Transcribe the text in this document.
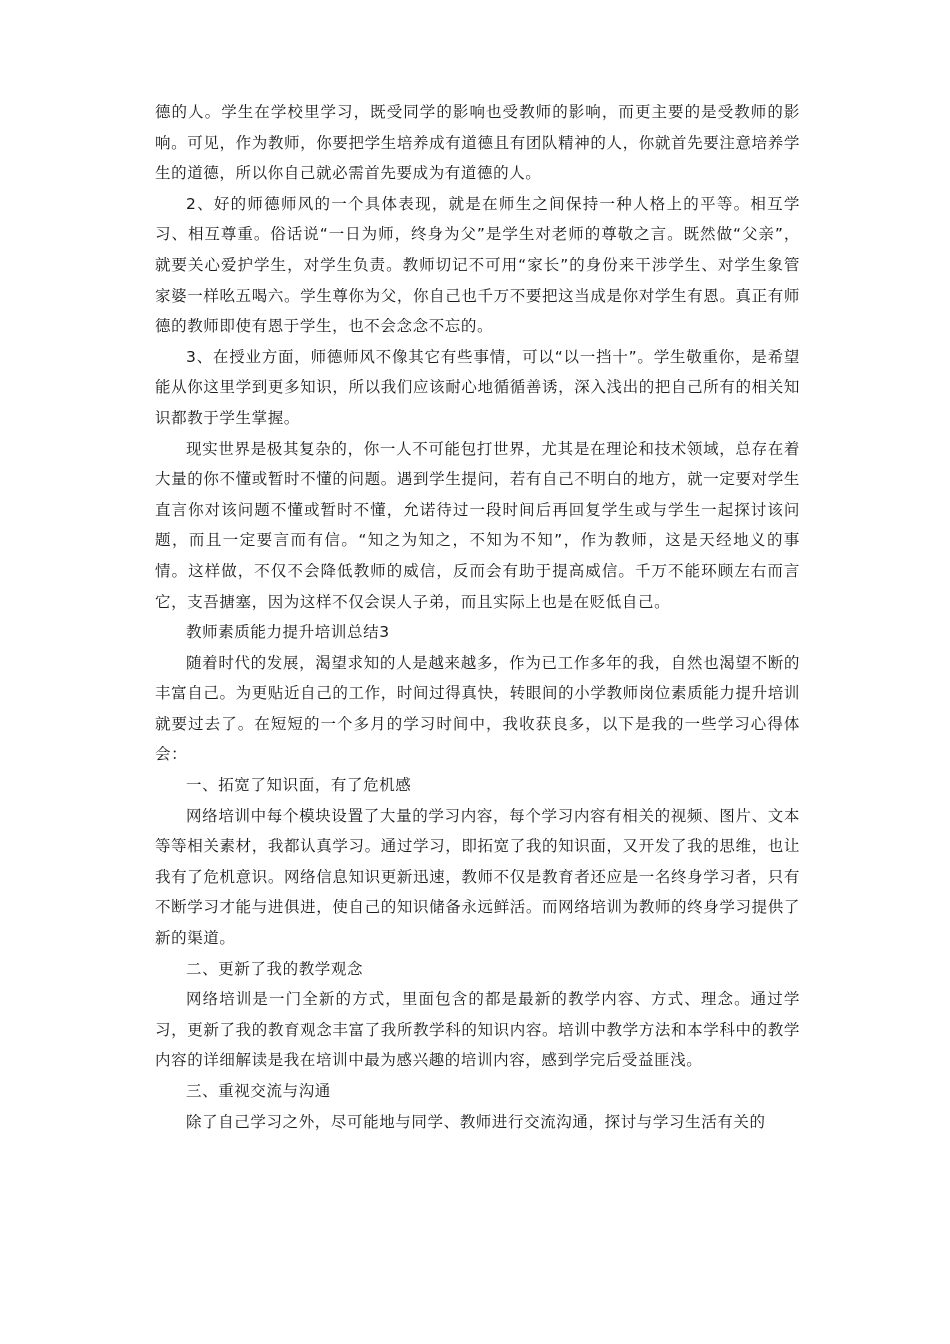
德的人。学生在学校里学习，既受同学的影响也受教师的影响，而更主要的是受教师的影响。可见，作为教师，你要把学生培养成有道德且有团队精神的人，你就首先要注意培养学生的道德，所以你自己就必需首先要成为有道德的人。

2、好的师德师风的一个具体表现，就是在师生之间保持一种人格上的平等。相互学习、相互尊重。俗话说“一日为师，终身为父”是学生对老师的尊敬之言。既然做“父亲”，就要关心爱护学生，对学生负责。教师切记不可用“家长”的身份来干涉学生、对学生象管家婆一样吆五喝六。学生尊你为父，你自己也千万不要把这当成是你对学生有恩。真正有师德的教师即使有恩于学生，也不会念念不忘的。

3、在授业方面，师德师风不像其它有些事情，可以“以一挡十”。学生敬重你，是希望能从你这里学到更多知识，所以我们应该耐心地循循善诱，深入浅出的把自己所有的相关知识都教于学生掌握。

现实世界是极其复杂的，你一人不可能包打世界，尤其是在理论和技术领域，总存在着大量的你不懂或暂时不懂的问题。遇到学生提问，若有自己不明白的地方，就一定要对学生直言你对该问题不懂或暂时不懂，允诺待过一段时间后再回复学生或与学生一起探讨该问题，而且一定要言而有信。“知之为知之，不知为不知”，作为教师，这是天经地义的事情。这样做，不仅不会降低教师的威信，反而会有助于提高威信。千万不能环顾左右而言它，支吾搪塞，因为这样不仅会误人子弟，而且实际上也是在贬低自己。

教师素质能力提升培训总结3

随着时代的发展，渴望求知的人是越来越多，作为已工作多年的我，自然也渴望不断的丰富自己。为更贴近自己的工作，时间过得真快，转眼间的小学教师岗位素质能力提升培训就要过去了。在短短的一个多月的学习时间中，我收获良多，以下是我的一些学习心得体会：

一、拓宽了知识面，有了危机感

网络培训中每个模块设置了大量的学习内容，每个学习内容有相关的视频、图片、文本等等相关素材，我都认真学习。通过学习，即拓宽了我的知识面，又开发了我的思维，也让我有了危机意识。网络信息知识更新迅速，教师不仅是教育者还应是一名终身学习者，只有不断学习才能与进俱进，使自己的知识储备永远鲜活。而网络培训为教师的终身学习提供了新的渠道。

二、更新了我的教学观念

网络培训是一门全新的方式，里面包含的都是最新的教学内容、方式、理念。通过学习，更新了我的教育观念丰富了我所教学科的知识内容。培训中教学方法和本学科中的教学内容的详细解读是我在培训中最为感兴趣的培训内容，感到学完后受益匪浅。

三、重视交流与沟通

除了自己学习之外，尽可能地与同学、教师进行交流沟通，探讨与学习生活有关的
